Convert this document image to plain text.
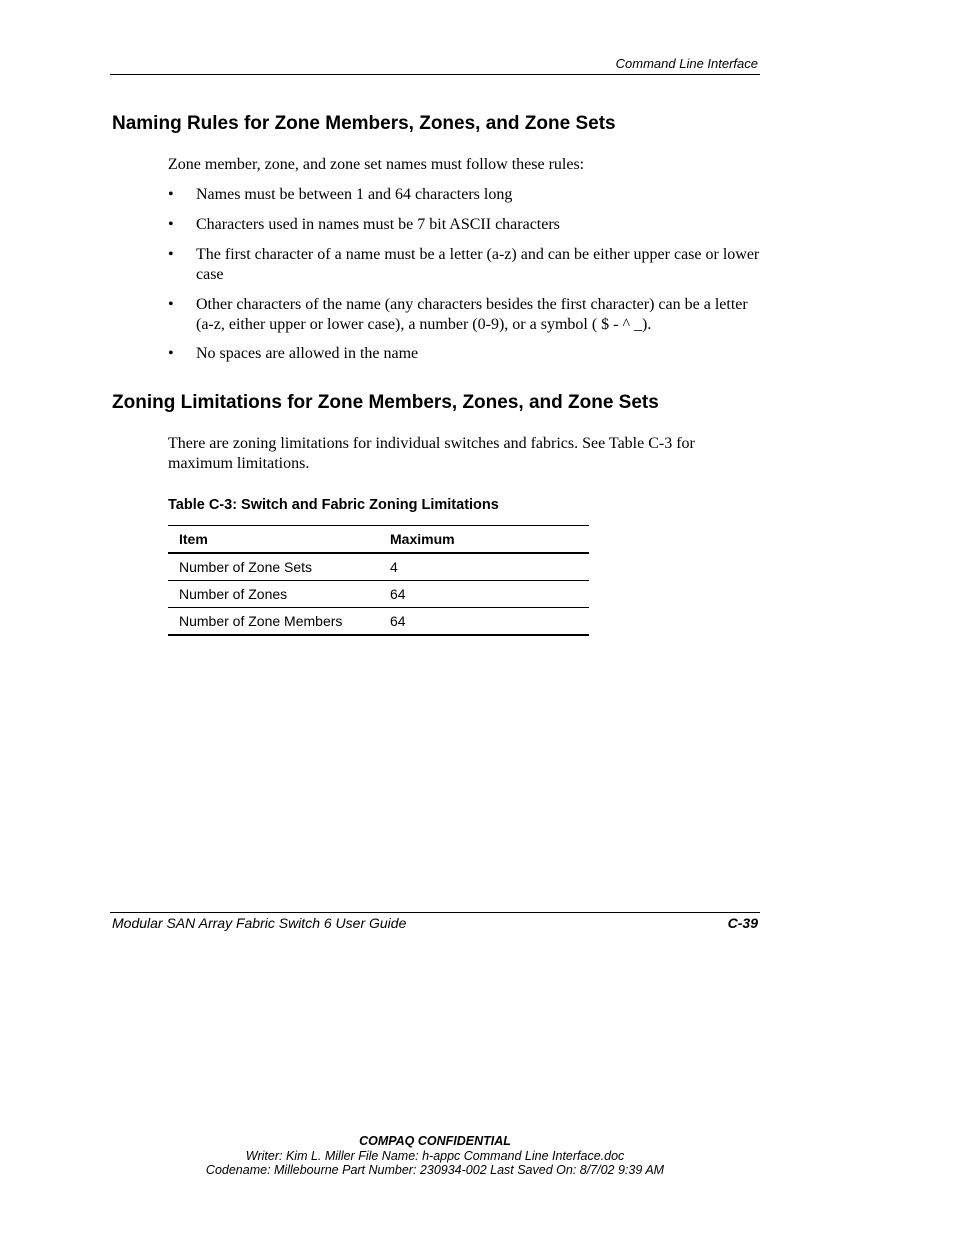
Command Line Interface
Naming Rules for Zone Members, Zones, and Zone Sets
Zone member, zone, and zone set names must follow these rules:
•	Names must be between 1 and 64 characters long
•	Characters used in names must be 7 bit ASCII characters
•	The first character of a name must be a letter (a-z) and can be either upper case or lower case
•	Other characters of the name (any characters besides the first character) can be a letter (a-z, either upper or lower case), a number (0-9), or a symbol ( $ - ^ _).
•	No spaces are allowed in the name
Zoning Limitations for Zone Members, Zones, and Zone Sets
There are zoning limitations for individual switches and fabrics. See Table C-3 for maximum limitations.
Table C-3: Switch and Fabric Zoning Limitations
Item	Maximum
Number of Zone Sets	4
Number of Zones	64
Number of Zone Members	64
Modular SAN Array Fabric Switch 6 User Guide	C-39
COMPAQ CONFIDENTIAL
Writer: Kim L. Miller File Name: h-appc Command Line Interface.doc
Codename: Millebourne Part Number: 230934-002 Last Saved On: 8/7/02 9:39 AM
